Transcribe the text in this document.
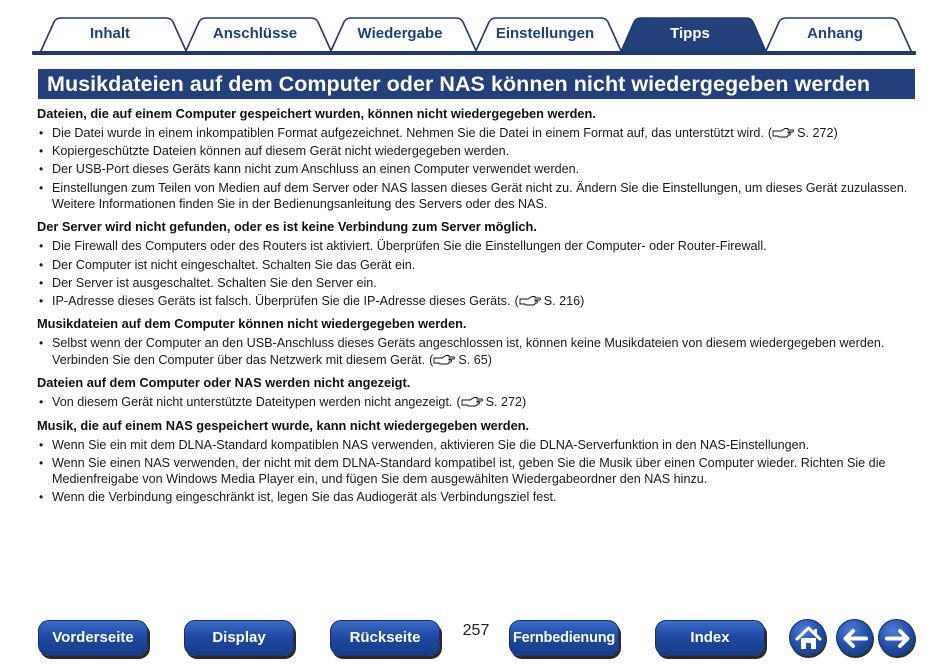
Inhalt	Anschlüsse	Wiedergabe	Einstellungen	Tipps	Anhang
Musikdateien auf dem Computer oder NAS können nicht wiedergegeben werden
Dateien, die auf einem Computer gespeichert wurden, können nicht wiedergegeben werden.
• Die Datei wurde in einem inkompatiblen Format aufgezeichnet. Nehmen Sie die Datei in einem Format auf, das unterstützt wird. ( S. 272)
• Kopiergeschützte Dateien können auf diesem Gerät nicht wiedergegeben werden.
• Der USB-Port dieses Geräts kann nicht zum Anschluss an einen Computer verwendet werden.
• Einstellungen zum Teilen von Medien auf dem Server oder NAS lassen dieses Gerät nicht zu. Ändern Sie die Einstellungen, um dieses Gerät zuzulassen. Weitere Informationen finden Sie in der Bedienungsanleitung des Servers oder des NAS.
Der Server wird nicht gefunden, oder es ist keine Verbindung zum Server möglich.
• Die Firewall des Computers oder des Routers ist aktiviert. Überprüfen Sie die Einstellungen der Computer- oder Router-Firewall.
• Der Computer ist nicht eingeschaltet. Schalten Sie das Gerät ein.
• Der Server ist ausgeschaltet. Schalten Sie den Server ein.
• IP-Adresse dieses Geräts ist falsch. Überprüfen Sie die IP-Adresse dieses Geräts. ( S. 216)
Musikdateien auf dem Computer können nicht wiedergegeben werden.
• Selbst wenn der Computer an den USB-Anschluss dieses Geräts angeschlossen ist, können keine Musikdateien von diesem wiedergegeben werden. Verbinden Sie den Computer über das Netzwerk mit diesem Gerät. ( S. 65)
Dateien auf dem Computer oder NAS werden nicht angezeigt.
• Von diesem Gerät nicht unterstützte Dateitypen werden nicht angezeigt. ( S. 272)
Musik, die auf einem NAS gespeichert wurde, kann nicht wiedergegeben werden.
• Wenn Sie ein mit dem DLNA-Standard kompatiblen NAS verwenden, aktivieren Sie die DLNA-Serverfunktion in den NAS-Einstellungen.
• Wenn Sie einen NAS verwenden, der nicht mit dem DLNA-Standard kompatibel ist, geben Sie die Musik über einen Computer wieder. Richten Sie die Medienfreigabe von Windows Media Player ein, und fügen Sie dem ausgewählten Wiedergabeordner den NAS hinzu.
• Wenn die Verbindung eingeschränkt ist, legen Sie das Audiogerät als Verbindungsziel fest.
Vorderseite	Display	Rückseite	257	Fernbedienung	Index
